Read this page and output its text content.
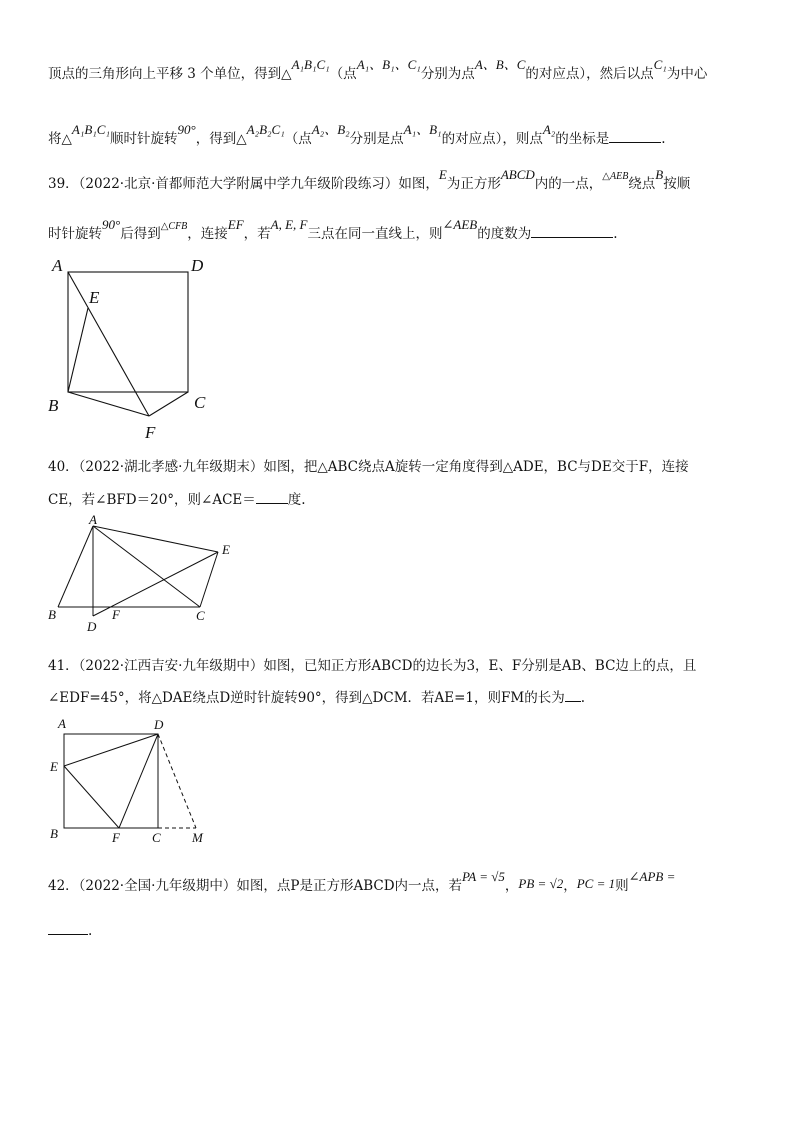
顶点的三角形向上平移 3 个单位，得到△A₁B₁C₁（点A₁、B₁、C₁分别为点A、B、C的对应点），然后以点C₁为中心
将△A₁B₁C₁顺时针旋转90°，得到△A₂B₂C₁（点A₂、B₂分别是点A₁、B₁的对应点），则点A₂的坐标是	.
39．（2022·北京·首都师范大学附属中学九年级阶段练习）如图，E为正方形ABCD内的一点，$^{\triangle AEB}$绕点B按顺
时针旋转90°后得到$^{\triangle CFB}$，连接EF，若A, E, F三点在同一直线上，则∠AEB的度数为	.
A	D
E
B	C
F
40．（2022·湖北孝感·九年级期末）如图，把△ABC绕点A旋转一定角度得到△ADE，BC与DE交于F，连接
CE，若∠BFD＝20°，则∠ACE＝ 度.
A
E
B	C
F
D
41．（2022·江西吉安·九年级期中）如图，已知正方形ABCD的边长为3，E、F分别是AB、BC边上的点，且
∠EDF=45°，将△DAE绕点D逆时针旋转90°，得到△DCM．若AE=1，则FM的长为 .
A	D
E
B	F C M
42．（2022·全国·九年级期中）如图，点P是正方形ABCD内一点，若PA = √5，PB = √2，PC = 1则∠APB =
.
